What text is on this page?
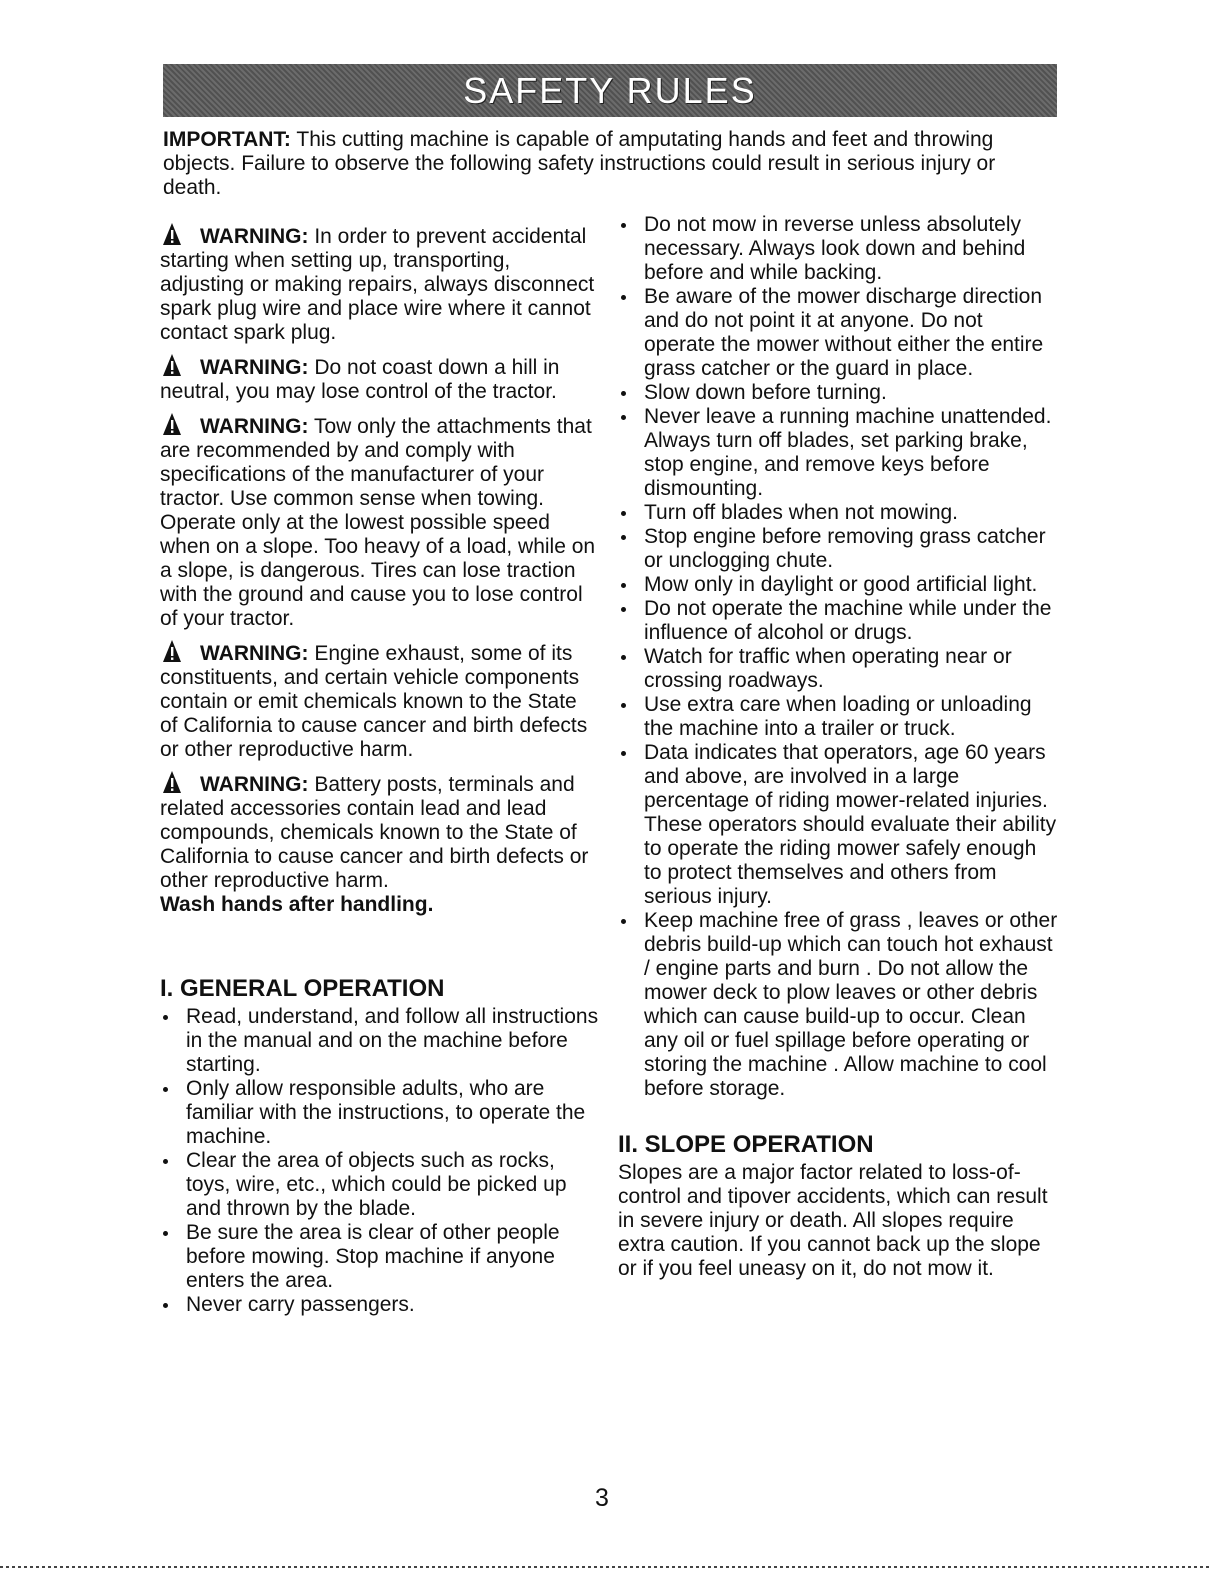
SAFETY RULES

IMPORTANT: This cutting machine is capable of amputating hands and feet and throwing objects. Failure to observe the following safety instructions could result in serious injury or death.

WARNING: In order to prevent accidental starting when setting up, transporting, adjusting or making repairs, always disconnect spark plug wire and place wire where it cannot contact spark plug.

WARNING: Do not coast down a hill in neutral, you may lose control of the tractor.

WARNING: Tow only the attachments that are recommended by and comply with specifications of the manufacturer of your tractor. Use common sense when towing. Operate only at the lowest possible speed when on a slope. Too heavy of a load, while on a slope, is dangerous. Tires can lose traction with the ground and cause you to lose control of your tractor.

WARNING: Engine exhaust, some of its constituents, and certain vehicle components contain or emit chemicals known to the State of California to cause cancer and birth defects or other reproductive harm.

WARNING: Battery posts, terminals and related accessories contain lead and lead compounds, chemicals known to the State of California to cause cancer and birth defects or other reproductive harm.
Wash hands after handling.

I. GENERAL OPERATION

Read, understand, and follow all instructions in the manual and on the machine before starting.
Only allow responsible adults, who are familiar with the instructions, to operate the machine.
Clear the area of objects such as rocks, toys, wire, etc., which could be picked up and thrown by the blade.
Be sure the area is clear of other people before mowing. Stop machine if anyone enters the area.
Never carry passengers.
Do not mow in reverse unless absolutely necessary. Always look down and behind before and while backing.
Be aware of the mower discharge direction and do not point it at anyone. Do not operate the mower without either the entire grass catcher or the guard in place.
Slow down before turning.
Never leave a running machine unattended. Always turn off blades, set parking brake, stop engine, and remove keys before dismounting.
Turn off blades when not mowing.
Stop engine before removing grass catcher or unclogging chute.
Mow only in daylight or good artificial light.
Do not operate the machine while under the influence of alcohol or drugs.
Watch for traffic when operating near or crossing roadways.
Use extra care when loading or unloading the machine into a trailer or truck.
Data indicates that operators, age 60 years and above, are involved in a large percentage of riding mower-related injuries. These operators should evaluate their ability to operate the riding mower safely enough to protect themselves and others from serious injury.
Keep machine free of grass , leaves or other debris build-up which can touch hot exhaust / engine parts and burn . Do not allow the mower deck to plow leaves or other debris which can cause build-up to occur. Clean any oil or fuel spillage before operating or storing the machine . Allow machine to cool before storage.

II. SLOPE OPERATION

Slopes are a major factor related to loss-of-control and tipover accidents, which can result in severe injury or death. All slopes require extra caution. If you cannot back up the slope or if you feel uneasy on it, do not mow it.

3
